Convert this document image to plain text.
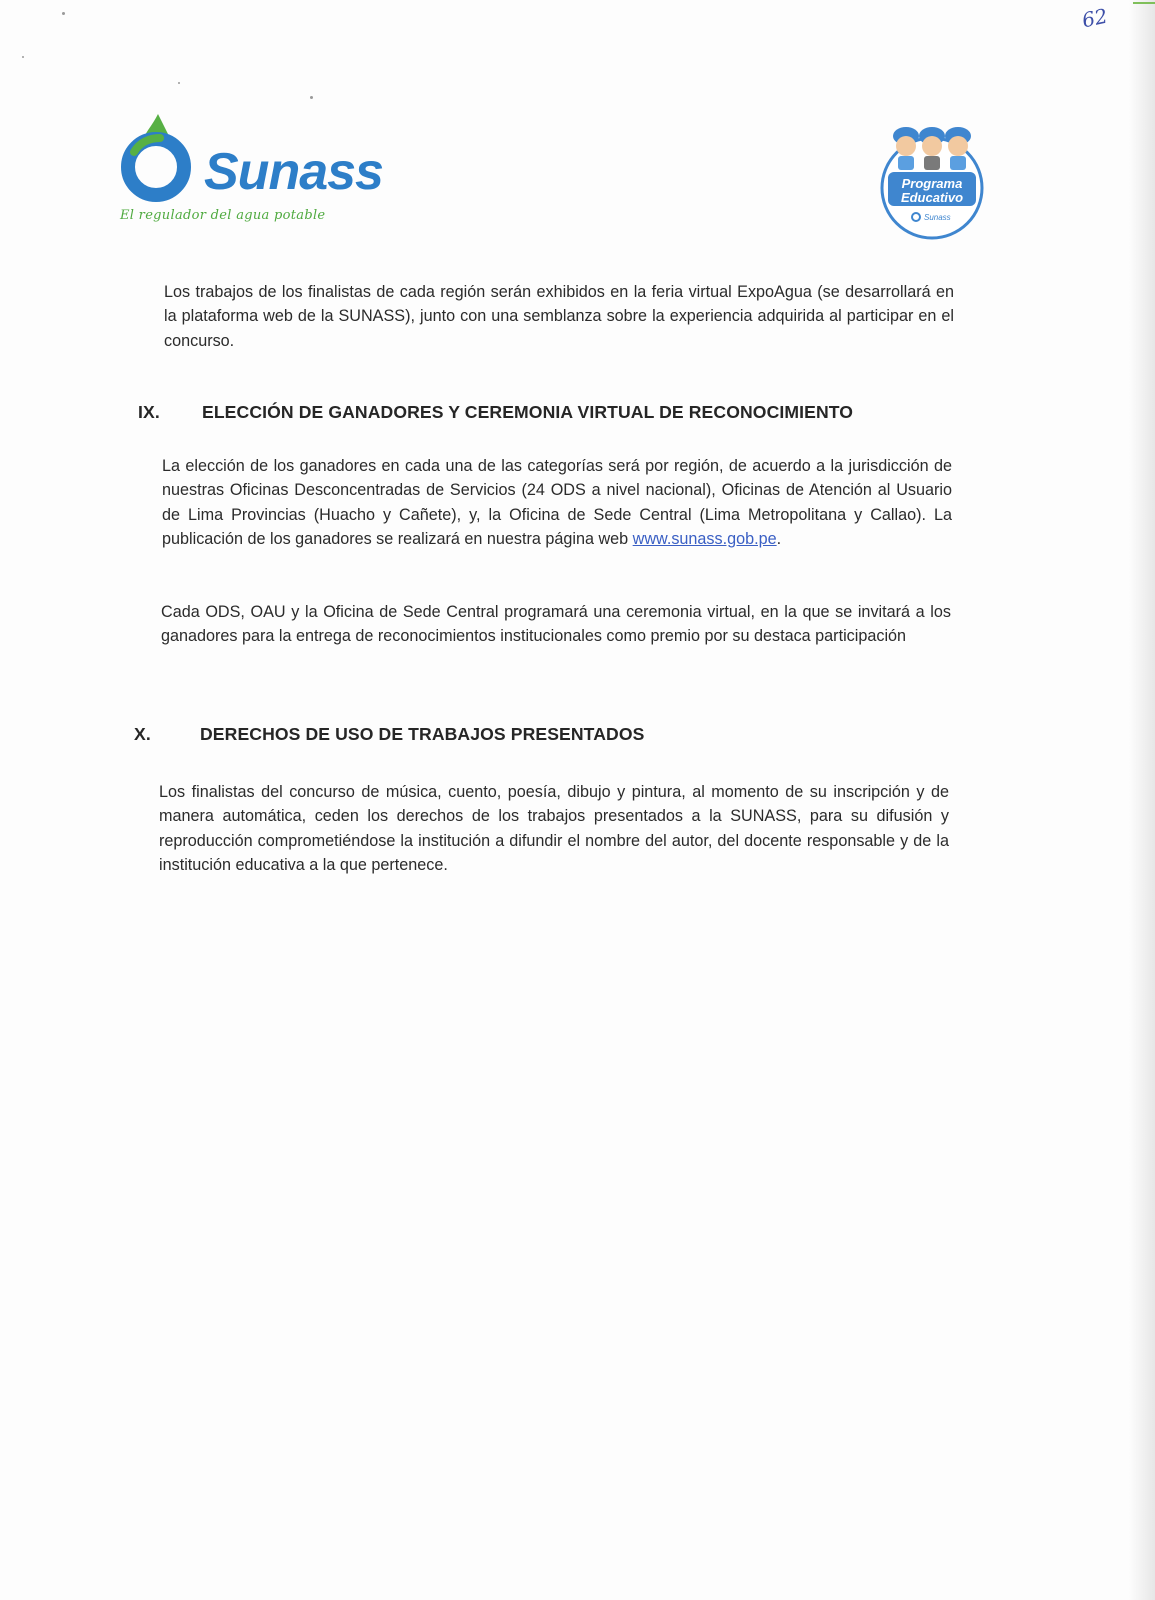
62
Sunass
El regulador del agua potable
Programa
Educativo
Sunass

Los trabajos de los finalistas de cada región serán exhibidos en la feria virtual ExpoAgua (se desarrollará en la plataforma web de la SUNASS), junto con una semblanza sobre la experiencia adquirida al participar en el concurso.

IX. ELECCIÓN DE GANADORES Y CEREMONIA VIRTUAL DE RECONOCIMIENTO

La elección de los ganadores en cada una de las categorías será por región, de acuerdo a la jurisdicción de nuestras Oficinas Desconcentradas de Servicios (24 ODS a nivel nacional), Oficinas de Atención al Usuario de Lima Provincias (Huacho y Cañete), y, la Oficina de Sede Central (Lima Metropolitana y Callao). La publicación de los ganadores se realizará en nuestra página web www.sunass.gob.pe.

Cada ODS, OAU y la Oficina de Sede Central programará una ceremonia virtual, en la que se invitará a los ganadores para la entrega de reconocimientos institucionales como premio por su destaca participación

X.	DERECHOS DE USO DE TRABAJOS PRESENTADOS

Los finalistas del concurso de música, cuento, poesía, dibujo y pintura, al momento de su inscripción y de manera automática, ceden los derechos de los trabajos presentados a la SUNASS, para su difusión y reproducción comprometiéndose la institución a difundir el nombre del autor, del docente responsable y de la institución educativa a la que pertenece.
